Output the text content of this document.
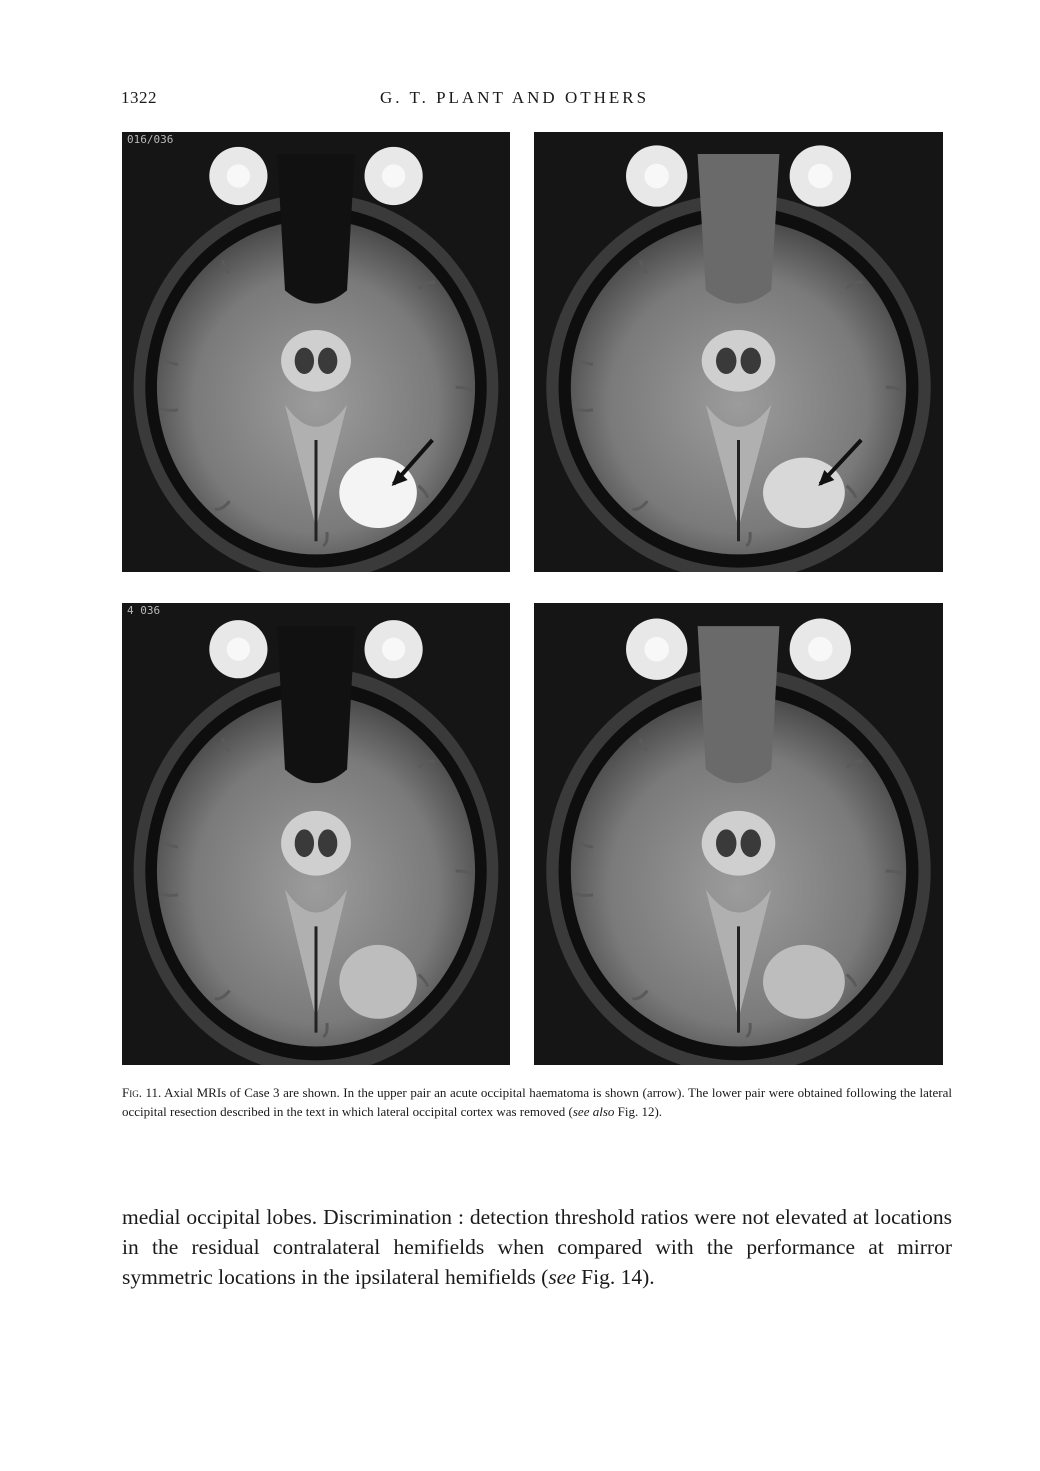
1322	G. T. PLANT AND OTHERS
016/036
4 036
Fig. 11. Axial MRIs of Case 3 are shown. In the upper pair an acute occipital haematoma is shown (arrow). The lower pair were obtained following the lateral occipital resection described in the text in which lateral occipital cortex was removed (see also Fig. 12).
medial occipital lobes. Discrimination : detection threshold ratios were not elevated at locations in the residual contralateral hemifields when compared with the performance at mirror symmetric locations in the ipsilateral hemifields (see Fig. 14).
